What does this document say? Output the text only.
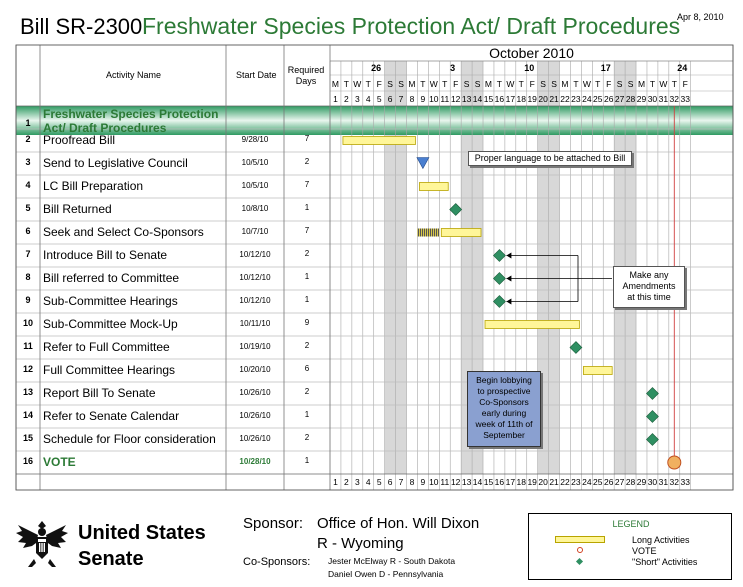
Bill SR-2300 Freshwater Species Protection Act/ Draft Procedures
Apr 8, 2010
Activity Name	Start Date	Required
Days
October 2010
1
Freshwater Species Protection Act/ Draft Procedures
2	Proofread Bill	9/28/10	7
3	Send to Legislative Council	10/5/10	2
4	LC Bill Preparation	10/5/10	7
5	Bill Returned	10/8/10	1
6	Seek and Select Co-Sponsors	10/7/10	7
7	Introduce Bill to Senate	10/12/10	2
8	Bill referred to Committee	10/12/10	1
9	Sub-Committee Hearings	10/12/10	1
10 Sub-Committee Mock-Up	10/11/10	9
11 Refer to Full Committee	10/19/10	2
12 Full Committee Hearings	10/20/10	6
13 Report Bill To Senate	10/26/10	2
14 Refer to Senate Calendar	10/26/10	1
15 Schedule for Floor consideration	10/26/10	2
16 VOTE	10/28/10	1
26	3	10	17	24
M T W T F S S M T W T F S S M T W T F S S M T W T F S S M T W T F
1
1
2
2
3
3
4
4
5
5
6
6
7
7
8
8
9
9
10
10
11
11
12
12
13
13
14
14
15
15
16
16
17
17
18
18
19
19
20
20
21
21
22
22
23
23
24
24
25
25
26
26
27
27
28
28
29
29
30
30
31
31
32
32
33
33
Proper language to be attached to Bill
Make any
Amendments
at this time
Begin lobbying
to prospective
Co-Sponsors
early during
week of 11th of
September
United States
Senate
Sponsor: Office of Hon. Will Dixon
R - Wyoming
Co-Sponsors: Jester McElway R - South Dakota
Daniel Owen D - Pennsylvania
LEGEND
Long Activities
VOTE
"Short" Activities
